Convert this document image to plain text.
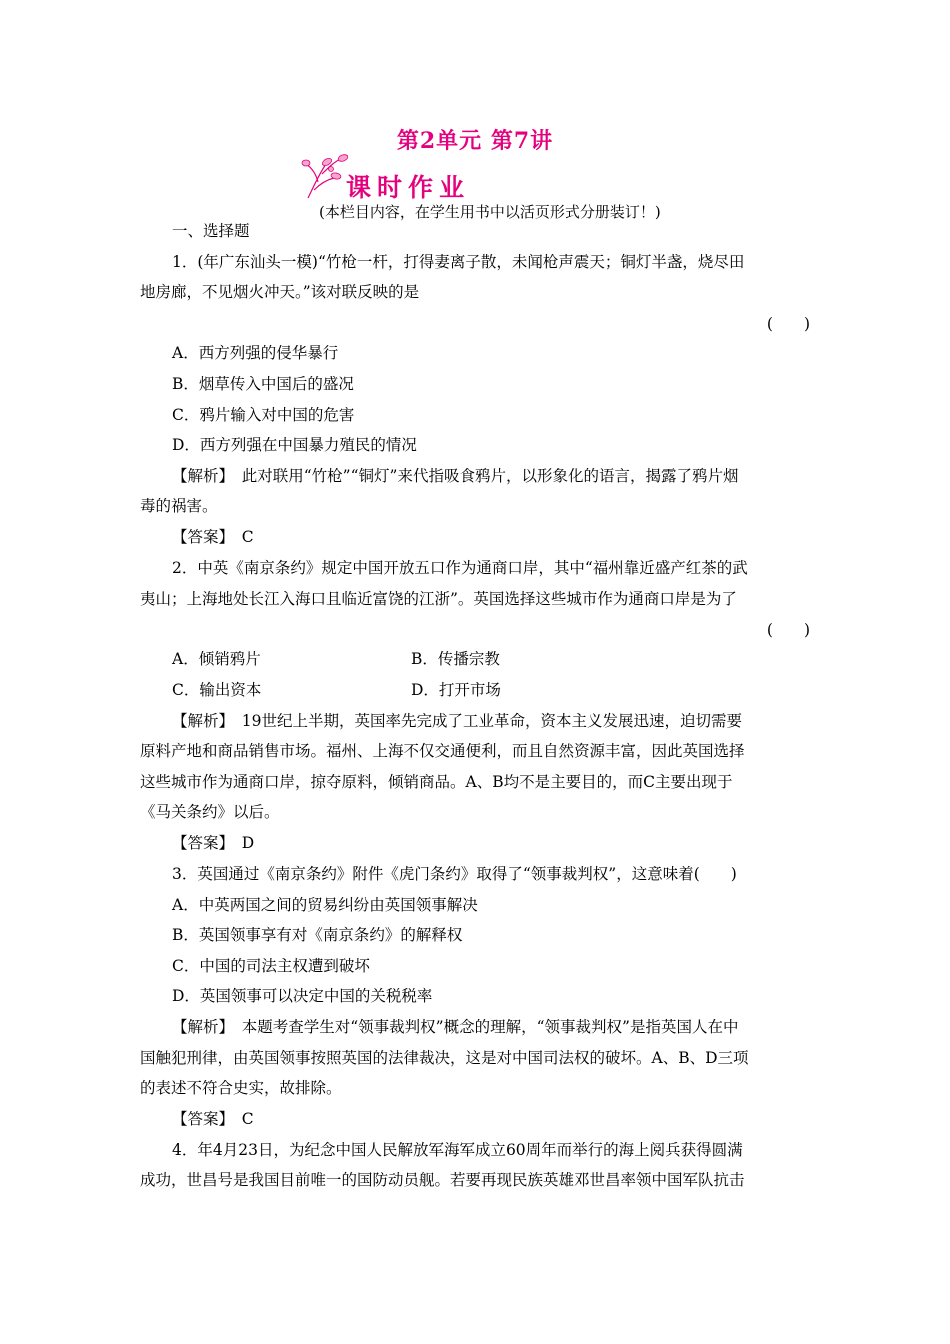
第2单元 第7讲
课时作业
(本栏目内容，在学生用书中以活页形式分册装订！)
一、选择题
1．(年广东汕头一模)“竹枪一杆，打得妻离子散，未闻枪声震天；铜灯半盏，烧尽田
地房廊，不见烟火冲天。”该对联反映的是
(　　)
A．西方列强的侵华暴行
B．烟草传入中国后的盛况
C．鸦片输入对中国的危害
D．西方列强在中国暴力殖民的情况
【解析】　此对联用“竹枪”“铜灯”来代指吸食鸦片，以形象化的语言，揭露了鸦片烟
毒的祸害。
【答案】　C
2．中英《南京条约》规定中国开放五口作为通商口岸，其中“福州靠近盛产红茶的武
夷山；上海地处长江入海口且临近富饶的江浙”。英国选择这些城市作为通商口岸是为了
(　　)
A．倾销鸦片	B．传播宗教
C．输出资本	D．打开市场
【解析】　19世纪上半期，英国率先完成了工业革命，资本主义发展迅速，迫切需要
原料产地和商品销售市场。福州、上海不仅交通便利，而且自然资源丰富，因此英国选择
这些城市作为通商口岸，掠夺原料，倾销商品。A、B均不是主要目的，而C主要出现于
《马关条约》以后。
【答案】　D
3．英国通过《南京条约》附件《虎门条约》取得了“领事裁判权”，这意味着(　　)
A．中英两国之间的贸易纠纷由英国领事解决
B．英国领事享有对《南京条约》的解释权
C．中国的司法主权遭到破坏
D．英国领事可以决定中国的关税税率
【解析】　本题考查学生对“领事裁判权”概念的理解，“领事裁判权”是指英国人在中
国触犯刑律，由英国领事按照英国的法律裁决，这是对中国司法权的破坏。A、B、D三项
的表述不符合史实，故排除。
【答案】　C
4．年4月23日，为纪念中国人民解放军海军成立60周年而举行的海上阅兵获得圆满
成功，世昌号是我国目前唯一的国防动员舰。若要再现民族英雄邓世昌率领中国军队抗击
